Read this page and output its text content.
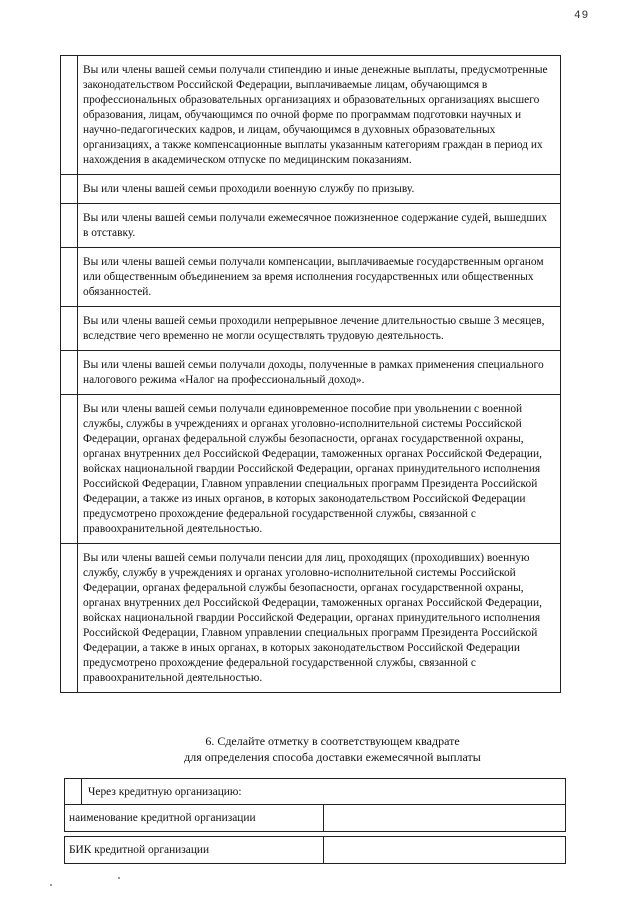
49
	Вы или члены вашей семьи получали стипендию и иные денежные выплаты, предусмотренные законодательством Российской Федерации, выплачиваемые лицам, обучающимся в профессиональных образовательных организациях и образовательных организациях высшего образования, лицам, обучающимся по очной форме по программам подготовки научных и научно-педагогических кадров, и лицам, обучающимся в духовных образовательных организациях, а также компенсационные выплаты указанным категориям граждан в период их нахождения в академическом отпуске по медицинским показаниям.
	Вы или члены вашей семьи проходили военную службу по призыву.
	Вы или члены вашей семьи получали ежемесячное пожизненное содержание судей, вышедших в отставку.
	Вы или члены вашей семьи получали компенсации, выплачиваемые государственным органом или общественным объединением за время исполнения государственных или общественных обязанностей.
	Вы или члены вашей семьи проходили непрерывное лечение длительностью свыше 3 месяцев, вследствие чего временно не могли осуществлять трудовую деятельность.
	Вы или члены вашей семьи получали доходы, полученные в рамках применения специального налогового режима «Налог на профессиональный доход».
	Вы или члены вашей семьи получали единовременное пособие при увольнении с военной службы, службы в учреждениях и органах уголовно-исполнительной системы Российской Федерации, органах федеральной службы безопасности, органах государственной охраны, органах внутренних дел Российской Федерации, таможенных органах Российской Федерации, войсках национальной гвардии Российской Федерации, органах принудительного исполнения Российской Федерации, Главном управлении специальных программ Президента Российской Федерации, а также из иных органов, в которых законодательством Российской Федерации предусмотрено прохождение федеральной государственной службы, связанной с правоохранительной деятельностью.
	Вы или члены вашей семьи получали пенсии для лиц, проходящих (проходивших) военную службу, службу в учреждениях и органах уголовно-исполнительной системы Российской Федерации, органах федеральной службы безопасности, органах государственной охраны, органах внутренних дел Российской Федерации, таможенных органах Российской Федерации, войсках национальной гвардии Российской Федерации, органах принудительного исполнения Российской Федерации, Главном управлении специальных программ Президента Российской Федерации, а также в иных органах, в которых законодательством Российской Федерации предусмотрено прохождение федеральной государственной службы, связанной с правоохранительной деятельностью.
6. Сделайте отметку в соответствующем квадрате
для определения способа доставки ежемесячной выплаты
	Через кредитную организацию:	
наименование кредитной организации		

БИК кредитной организации		
